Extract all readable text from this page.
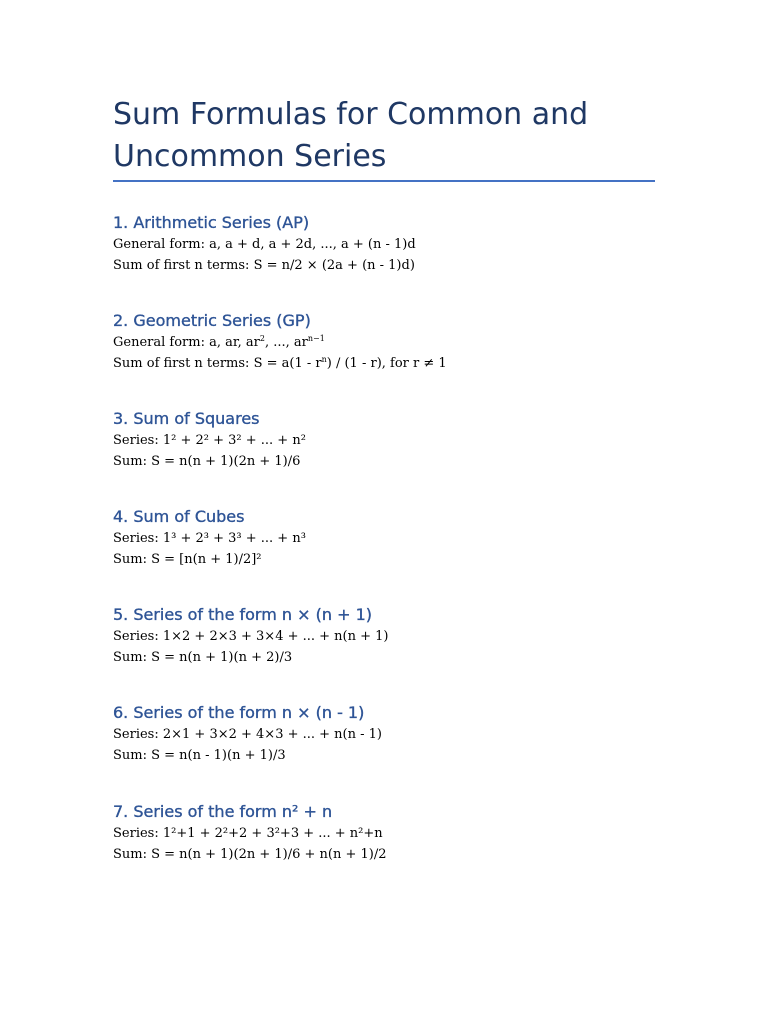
Sum Formulas for Common and Uncommon Series
1. Arithmetic Series (AP)

General form: a, a + d, a + 2d, ..., a + (n - 1)d

Sum of first n terms: S = n/2 × (2a + (n - 1)d)

2. Geometric Series (GP)

General form: a, ar, $ar^2$, ..., $ar^{n-1}$

Sum of first n terms: $S = a(1 - r^n) / (1 - r)$, for r ≠ 1

3. Sum of Squares

Series: 1² + 2² + 3² + ... + n²

Sum: S = n(n + 1)(2n + 1)/6

4. Sum of Cubes

Series: 1³ + 2³ + 3³ + ... + n³

Sum: S = [n(n + 1)/2]²

5. Series of the form n × (n + 1)

Series: 1×2 + 2×3 + 3×4 + ... + n(n + 1)

Sum: S = n(n + 1)(n + 2)/3

6. Series of the form n × (n - 1)

Series: 2×1 + 3×2 + 4×3 + ... + n(n - 1)

Sum: S = n(n - 1)(n + 1)/3

7. Series of the form n² + n

Series: 1²+1 + 2²+2 + 3²+3 + ... + n²+n

Sum: S = n(n + 1)(2n + 1)/6 + n(n + 1)/2
